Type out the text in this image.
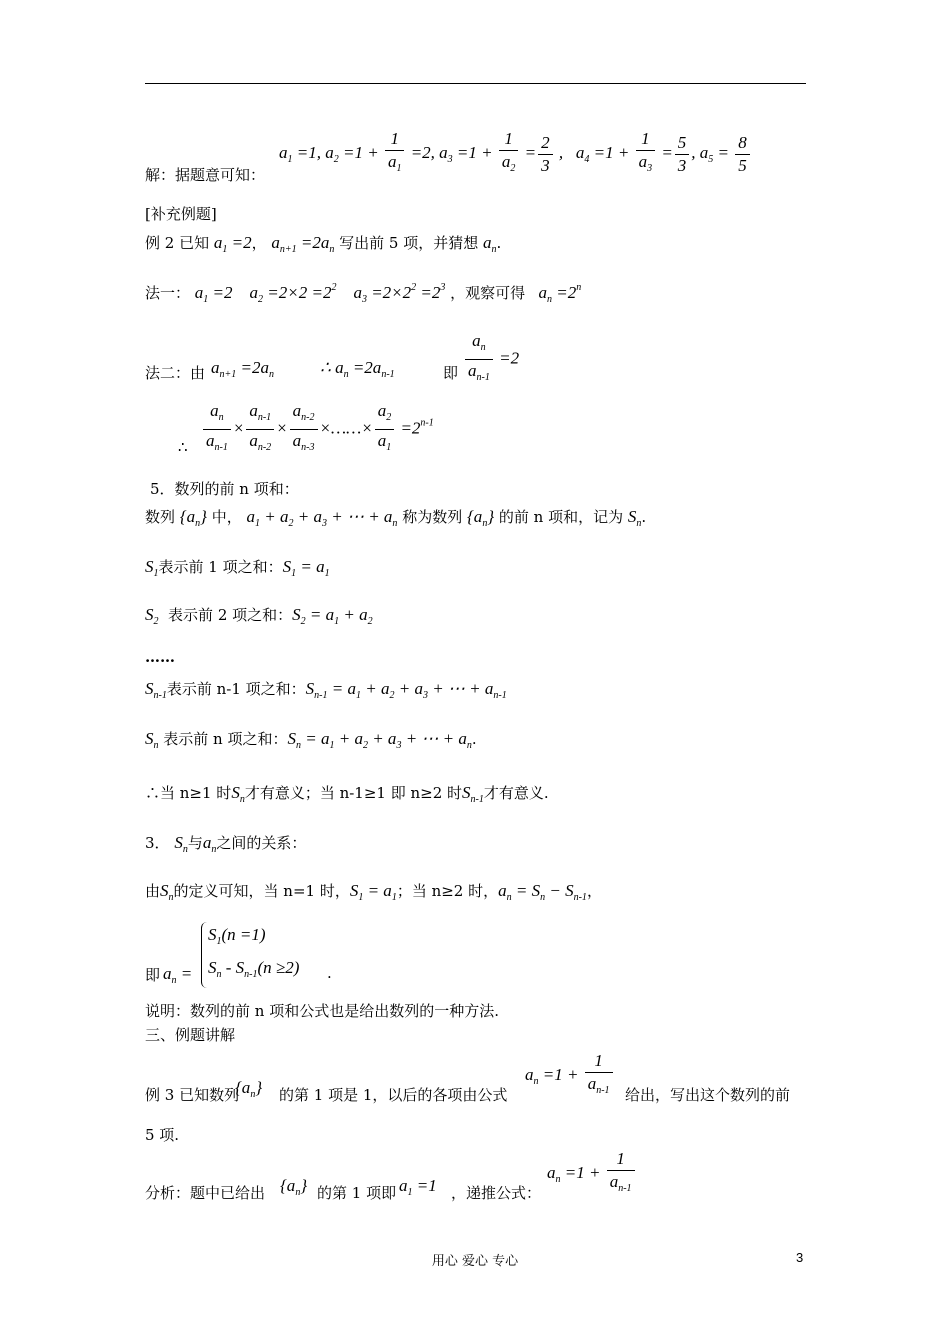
解：据题意可知：
$a_1 =1$, $a_2 =1 + \frac{1}{a_1} =2$, $a_3 =1 + \frac{1}{a_2} = \frac{2}{3}$ ,   $a_4 =1 + \frac{1}{a_3} = \frac{5}{3}$ , $a_5 = \frac{8}{5}$
[补充例题]
例 2 已知 $a_1 =2$， $a_{n+1} =2a_n$ 写出前 5 项，并猜想 $a_n$.
法一： $a_1 =2$    $a_2 =2\times 2 =2^2$    $a_3 =2\times 2^2 =2^3$ ，观察可得   $a_n =2^n$
法二：由 $a_{n+1} =2a_n$	∴ $a_n =2a_{n-1}$	即 $\frac{a_n}{a_{n-1}} =2$
∴ $\frac{a_n}{a_{n-1}} \times \frac{a_{n-1}}{a_{n-2}} \times \frac{a_{n-2}}{a_{n-3}}$ ×……× $\frac{a_2}{a_1} =2^{n-1}$
5．数列的前 n 项和：
数列 $\{a_n\}$ 中， $a_1 + a_2 + a_3$ + ⋯ + $a_n$ 称为数列 $\{a_n\}$ 的前 n 项和，记为 $S_n$.
$S_1$表示前 1 项之和：$S_1 = a_1$
$S_2$ 表示前 2 项之和：$S_2 = a_1 + a_2$
……
$S_{n-1}$表示前 n-1 项之和：$S_{n-1} = a_1 + a_2 + a_3$ + ⋯ + $a_{n-1}$
$S_n$ 表示前 n 项之和：$S_n = a_1 + a_2 + a_3$ + ⋯ + $a_n$.
∴当 n≥1 时$S_n$才有意义；当 n-1≥1 即 n≥2 时$S_{n-1}$才有意义.
3． $S_n$与$a_n$之间的关系：
由$S_n$的定义可知，当 n=1 时，$S_1 = a_1$；当 n≥2 时，$a_n = S_n - S_{n-1}$，
即 $a_n$ =
$S_1(n =1)$
$S_n - S_{n-1}(n \ge 2)$ .
说明：数列的前 n 项和公式也是给出数列的一种方法.
三、例题讲解
例 3 已知数列
$\{a_n\}$ 的第 1 项是 1，以后的各项由公式
$a_n =1 + \frac{1}{a_{n-1}}$ 给出，写出这个数列的前
5 项.
分析：题中已给出 $\{a_n\}$ 的第 1 项即 $a_1 =1$ ，递推公式：
$a_n =1 + \frac{1}{a_{n-1}}$
用心 爱心 专心	3
